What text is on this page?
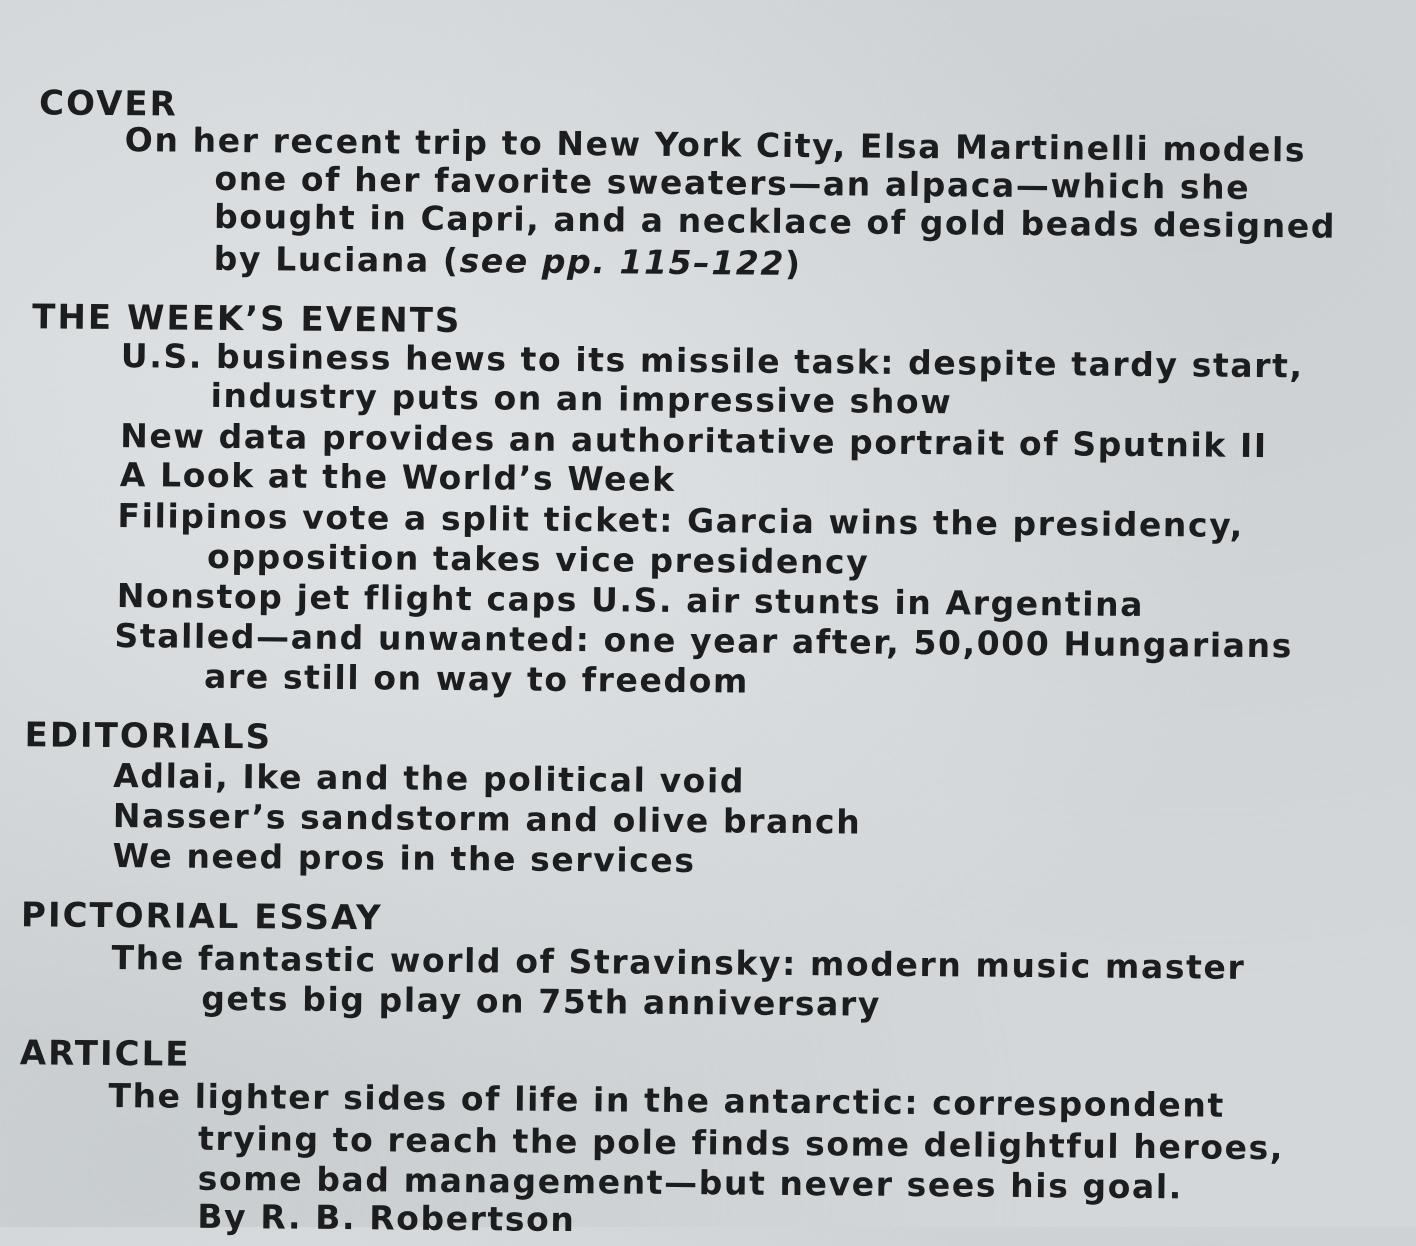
COVER
On her recent trip to New York City, Elsa Martinelli models
one of her favorite sweaters—an alpaca—which she
bought in Capri, and a necklace of gold beads designed
by Luciana (see pp. 115–122)
THE WEEK’S EVENTS
U.S. business hews to its missile task: despite tardy start,
industry puts on an impressive show
New data provides an authoritative portrait of Sputnik II
A Look at the World’s Week
Filipinos vote a split ticket: Garcia wins the presidency,
opposition takes vice presidency
Nonstop jet flight caps U.S. air stunts in Argentina
Stalled—and unwanted: one year after, 50,000 Hungarians
are still on way to freedom
EDITORIALS
Adlai, Ike and the political void
Nasser’s sandstorm and olive branch
We need pros in the services
PICTORIAL ESSAY
The fantastic world of Stravinsky: modern music master
gets big play on 75th anniversary
ARTICLE
The lighter sides of life in the antarctic: correspondent
trying to reach the pole finds some delightful heroes,
some bad management—but never sees his goal.
By R. B. Robertson
